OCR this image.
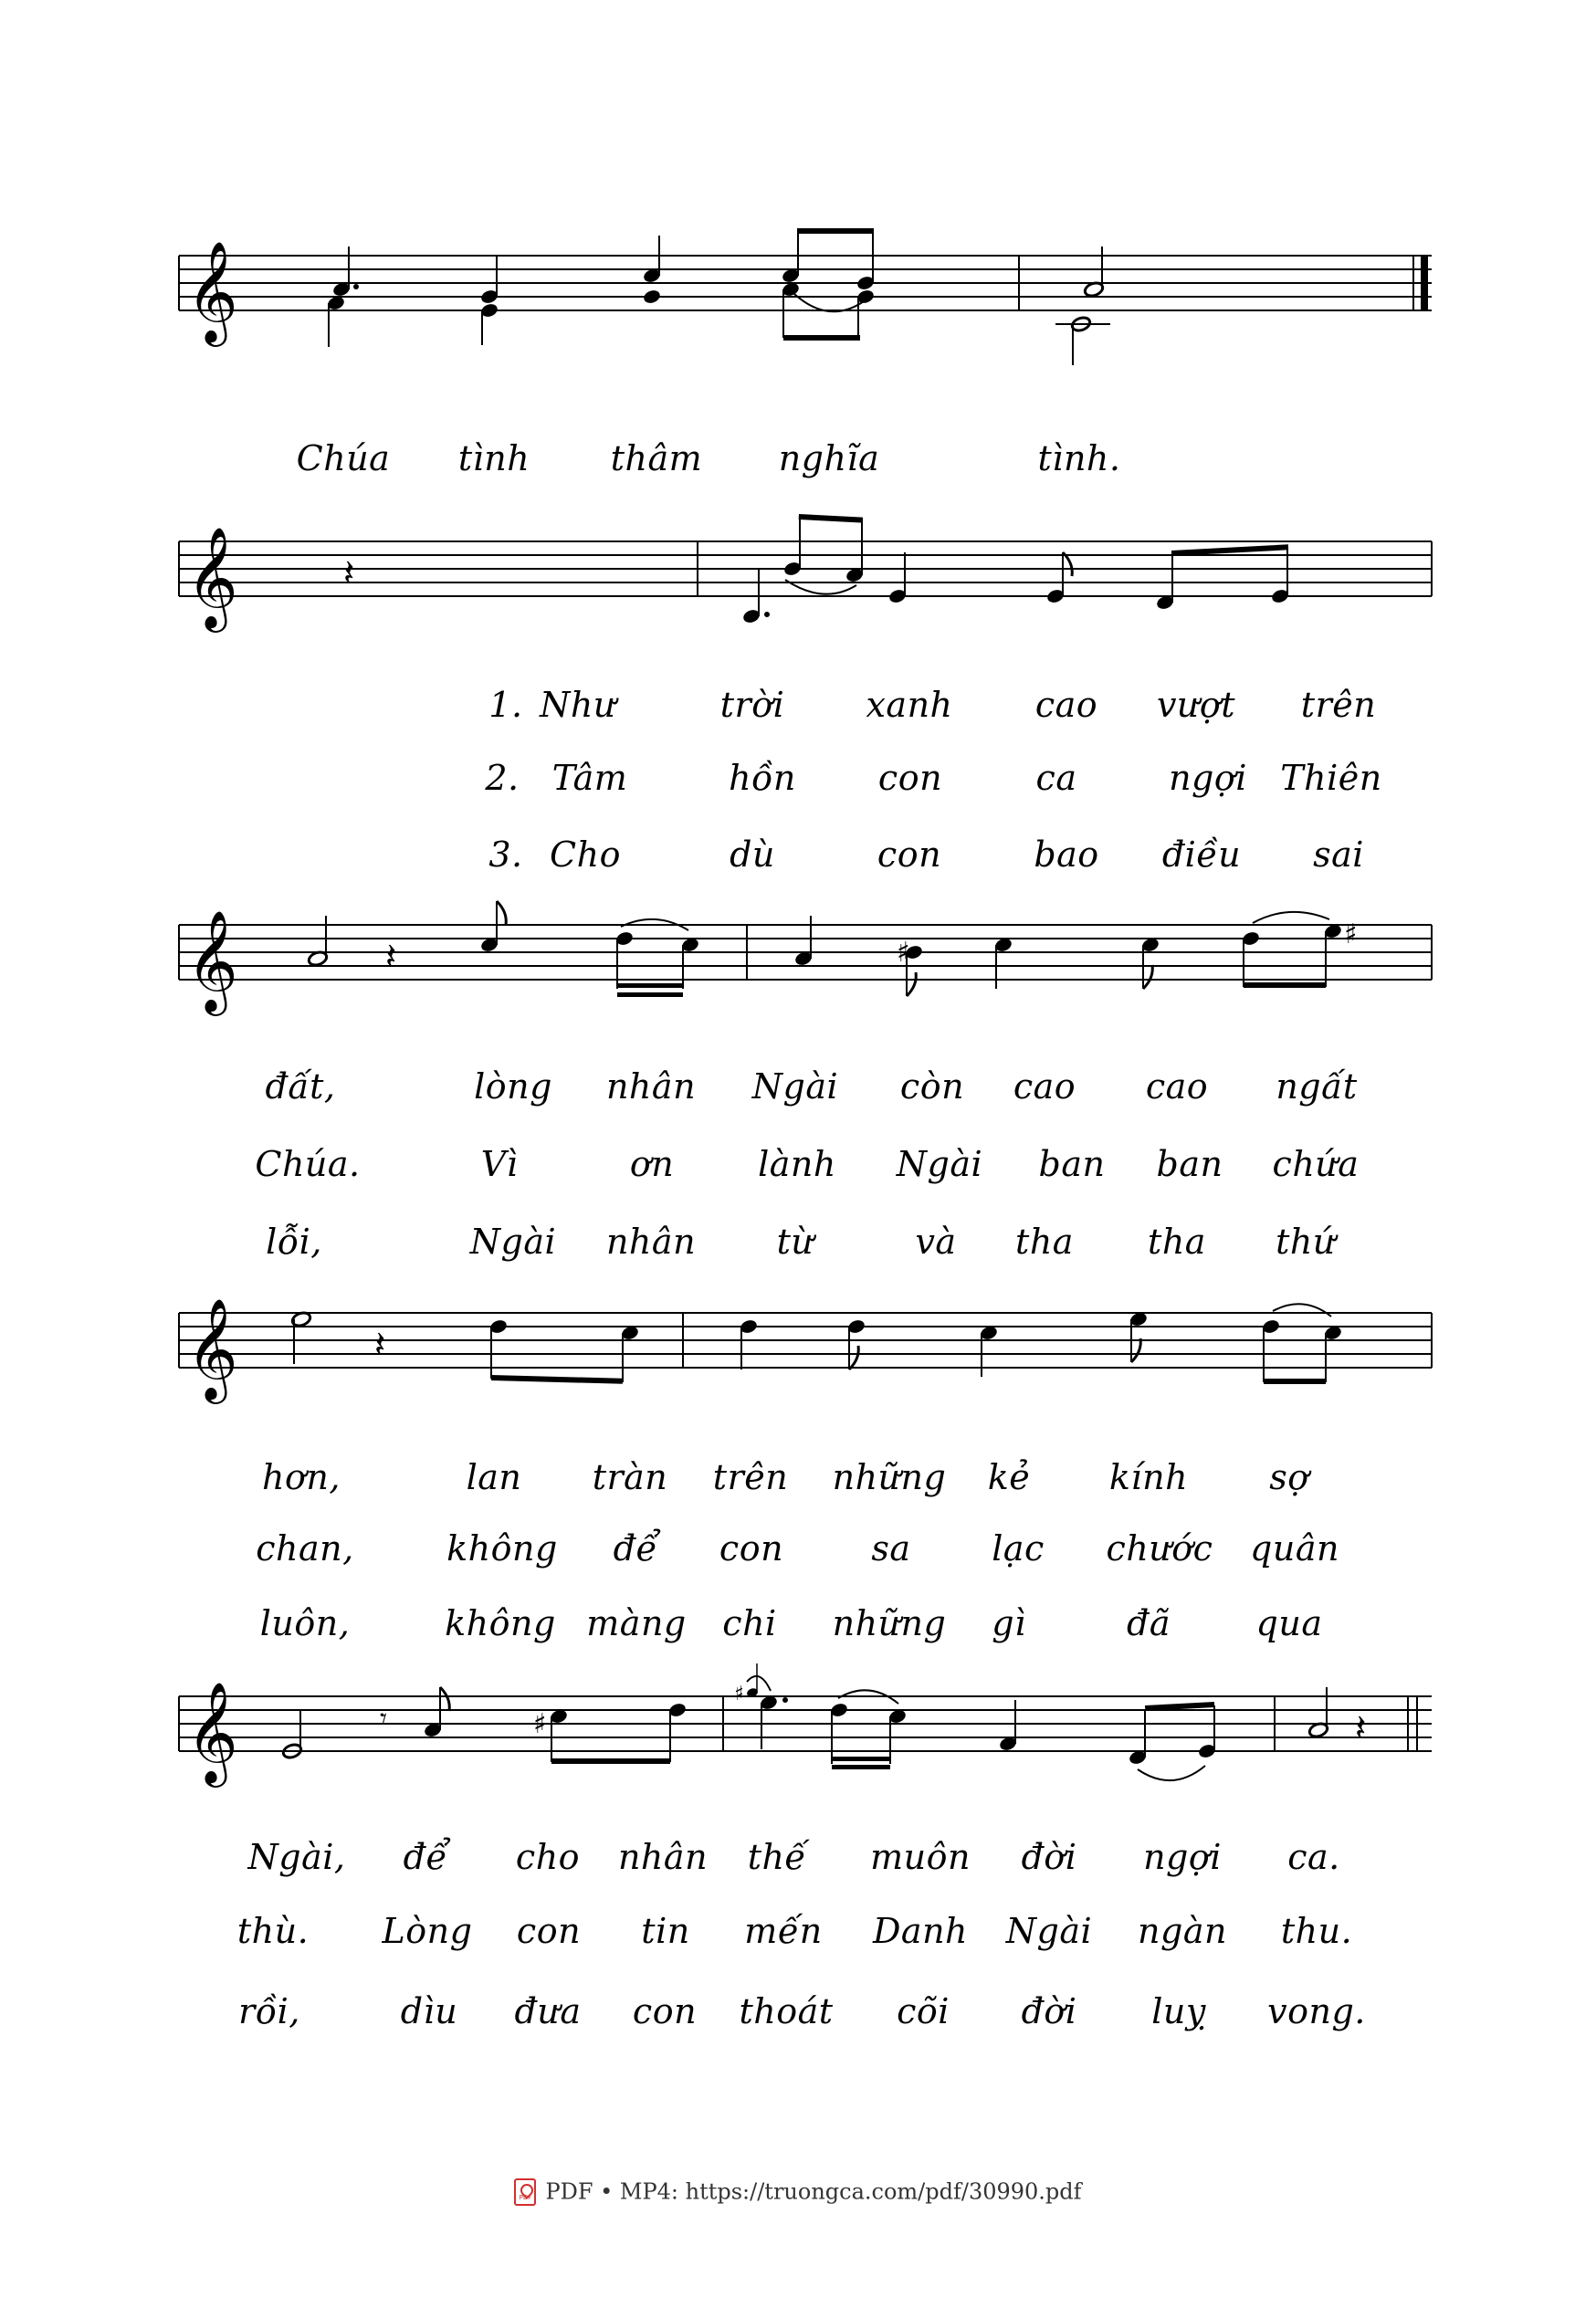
𝄞
Chúa tình thâm nghĩa	tình.
𝄞	𝄽
1. Như	trời xanh cao vượt trên
2. Tâm	hồn con	ca	ngợi Thiên
3. Cho	dù	con	bao điều sai
𝄞	𝄽	♯
♯
đất,	lòng nhân Ngài còn cao cao ngất
Chúa.	Vì	ơn lành Ngài ban ban chứa
lỗi,	Ngài nhân từ	và tha tha thứ
𝄞	𝄽
hơn,	lan tràn trên những kẻ kính sợ
chan,	không để con	sa lạc chước quân
luôn,	không màng chi những gì	đã qua
𝄞	𝄾	♯
♯
𝄽
Ngài, để cho nhân thế muôn đời ngợi ca.
thù. Lòng con tin mến Danh Ngài ngàn thu.
rồi,	dìu đưa con thoát cõi đời luỵ vong.
PDF PDF • MP4: https://truongca.com/pdf/30990.pdf
